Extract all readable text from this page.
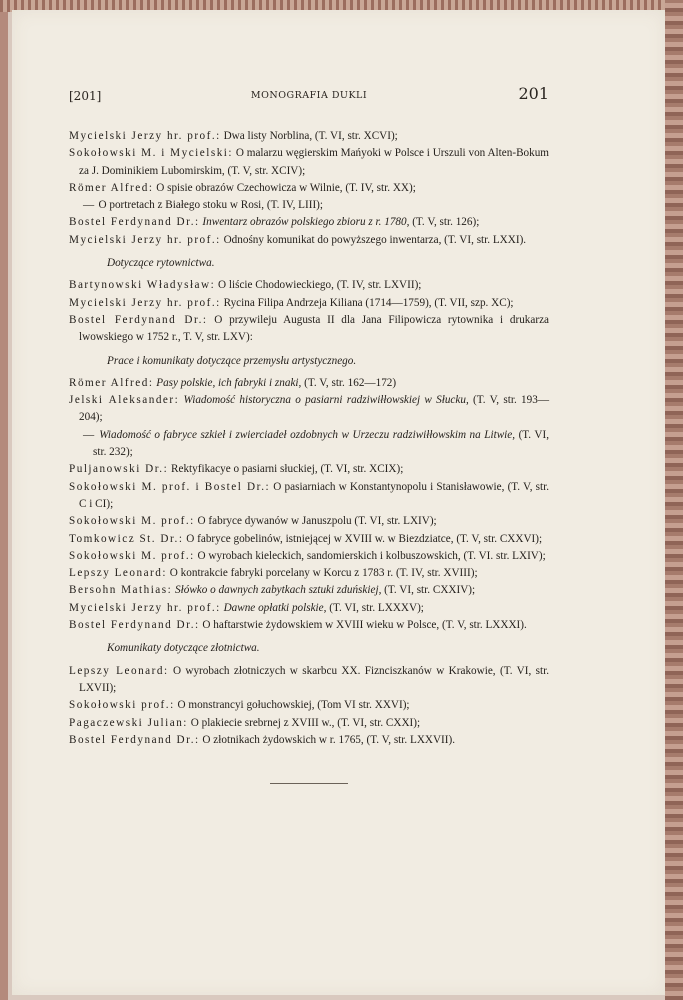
[201]	MONOGRAFIA DUKLI	201

Mycielski Jerzy hr. prof.: Dwa listy Norblina, (T. VI, str. XCVI);

Sokołowski M. i Mycielski: O malarzu węgierskim Mańyoki w Polsce i Urszuli von Alten-Bokum za J. Dominikiem Lubomirskim, (T. V, str. XCIV);

Römer Alfred: O spisie obrazów Czechowicza w Wilnie, (T. IV, str. XX);

— O portretach z Białego stoku w Rosi, (T. IV, LIII);

Bostel Ferdynand Dr.: Inwentarz obrazów polskiego zbioru z r. 1780, (T. V, str. 126);

Mycielski Jerzy hr. prof.: Odnośny komunikat do powyższego inwentarza, (T. VI, str. LXXI).

Dotyczące rytownictwa.

Bartynowski Władysław: O liście Chodowieckiego, (T. IV, str. LXVII);

Mycielski Jerzy hr. prof.: Rycina Filipa Andrzeja Kiliana (1714—1759), (T. VII, szp. XC);

Bostel Ferdynand Dr.: O przywileju Augusta II dla Jana Filipowicza rytownika i drukarza lwowskiego w 1752 r., T. V, str. LXV):

Prace i komunikaty dotyczące przemysłu artystycznego.

Römer Alfred: Pasy polskie, ich fabryki i znaki, (T. V, str. 162—172)

Jelski Aleksander: Wiadomość historyczna o pasiarni radziwiłłowskiej w Słucku, (T. V, str. 193—204);

— Wiadomość o fabryce szkieł i zwierciadeł ozdobnych w Urzeczu radziwiłłowskim na Litwie, (T. VI, str. 232);

Puljanowski Dr.: Rektyfikacye o pasiarni słuckiej, (T. VI, str. XCIX);

Sokołowski M. prof. i Bostel Dr.: O pasiarniach w Konstantynopolu i Stanisławowie, (T. V, str. C i CI);

Sokołowski M. prof.: O fabryce dywanów w Januszpolu (T. VI, str. LXIV);

Tomkowicz St. Dr.: O fabryce gobelinów, istniejącej w XVIII w. w Biezdziatce, (T. V, str. CXXVI);

Sokołowski M. prof.: O wyrobach kieleckich, sandomierskich i kolbuszowskich, (T. VI. str. LXIV);

Lepszy Leonard: O kontrakcie fabryki porcelany w Korcu z 1783 r. (T. IV, str. XVIII);

Bersohn Mathias: Słówko o dawnych zabytkach sztuki zduńskiej, (T. VI, str. CXXIV);

Mycielski Jerzy hr. prof.: Dawne opłatki polskie, (T. VI, str. LXXXV);

Bostel Ferdynand Dr.: O haftarstwie żydowskiem w XVIII wieku w Polsce, (T. V, str. LXXXI).

Komunikaty dotyczące złotnictwa.

Lepszy Leonard: O wyrobach złotniczych w skarbcu XX. Fiznciszkanów w Krakowie, (T. VI, str. LXVII);

Sokołowski prof.: O monstrancyi gołuchowskiej, (Tom VI str. XXVI);

Pagaczewski Julian: O plakiecie srebrnej z XVIII w., (T. VI, str. CXXI);

Bostel Ferdynand Dr.: O złotnikach żydowskich w r. 1765, (T. V, str. LXXVII).
